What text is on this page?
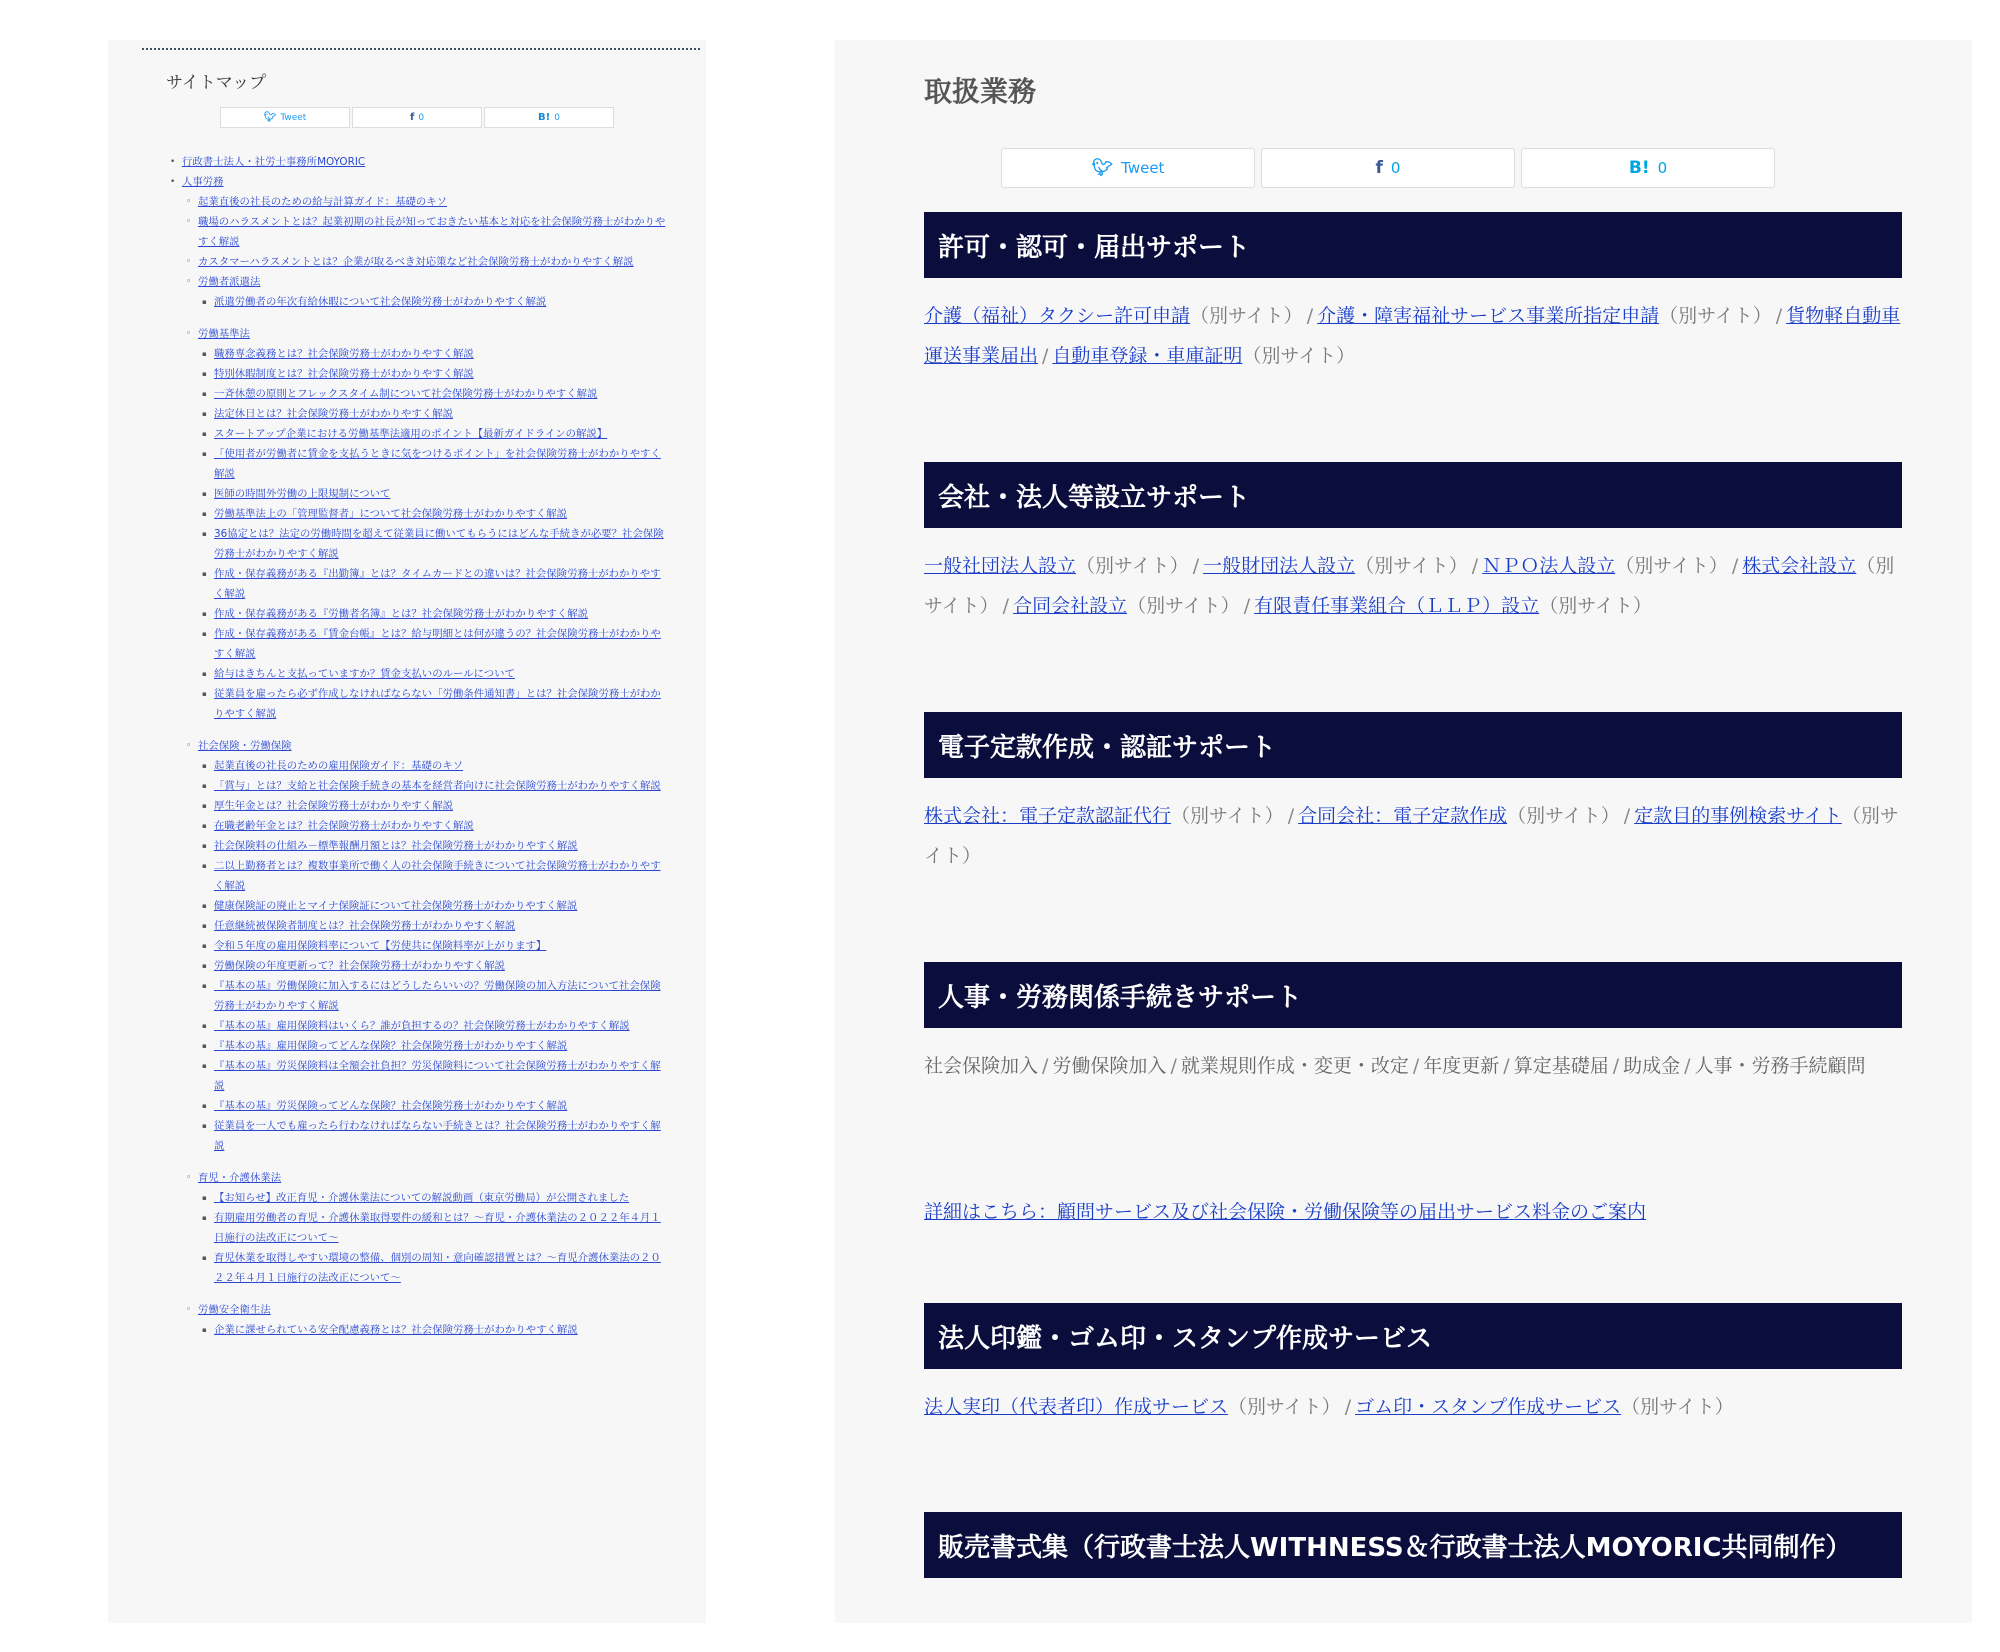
サイトマップ
🐦︎ Tweet	f 0	B! 0
• 行政書士法人・社労士事務所MOYORIC
• 人事労務
◦ 起業直後の社長のための給与計算ガイド：基礎のキソ
◦ 職場のハラスメントとは？起業初期の社長が知っておきたい基本と対応を社会保険労務士がわかりやすく解説
◦ カスタマーハラスメントとは？企業が取るべき対応策など社会保険労務士がわかりやすく解説
◦ 労働者派遣法
▪ 派遣労働者の年次有給休暇について社会保険労務士がわかりやすく解説
◦ 労働基準法
▪ 職務専念義務とは？社会保険労務士がわかりやすく解説
▪ 特別休暇制度とは？社会保険労務士がわかりやすく解説
▪ 一斉休憩の原則とフレックスタイム制について社会保険労務士がわかりやすく解説
▪ 法定休日とは？社会保険労務士がわかりやすく解説
▪ スタートアップ企業における労働基準法適用のポイント【最新ガイドラインの解説】
▪ 「使用者が労働者に賃金を支払うときに気をつけるポイント」を社会保険労務士がわかりやすく解説
▪ 医師の時間外労働の上限規制について
▪ 労働基準法上の「管理監督者」について社会保険労務士がわかりやすく解説
▪ 36協定とは？法定の労働時間を超えて従業員に働いてもらうにはどんな手続きが必要？社会保険労務士がわかりやすく解説
▪ 作成・保存義務がある『出勤簿』とは？タイムカードとの違いは？社会保険労務士がわかりやすく解説
▪ 作成・保存義務がある『労働者名簿』とは？社会保険労務士がわかりやすく解説
▪ 作成・保存義務がある『賃金台帳』とは？給与明細とは何が違うの？社会保険労務士がわかりやすく解説
▪ 給与はきちんと支払っていますか？賃金支払いのルールについて
▪ 従業員を雇ったら必ず作成しなければならない「労働条件通知書」とは？社会保険労務士がわかりやすく解説
◦ 社会保険・労働保険
▪ 起業直後の社長のための雇用保険ガイド：基礎のキソ
▪ 「賞与」とは？支給と社会保険手続きの基本を経営者向けに社会保険労務士がわかりやすく解説
▪ 厚生年金とは？社会保険労務士がわかりやすく解説
▪ 在職老齢年金とは？社会保険労務士がわかりやすく解説
▪ 社会保険料の仕組み－標準報酬月額とは？社会保険労務士がわかりやすく解説
▪ 二以上勤務者とは？複数事業所で働く人の社会保険手続きについて社会保険労務士がわかりやすく解説
▪ 健康保険証の廃止とマイナ保険証について社会保険労務士がわかりやすく解説
▪ 任意継続被保険者制度とは？社会保険労務士がわかりやすく解説
▪ 令和５年度の雇用保険料率について【労使共に保険料率が上がります】
▪ 労働保険の年度更新って？社会保険労務士がわかりやすく解説
▪ 『基本の基』労働保険に加入するにはどうしたらいいの？労働保険の加入方法について社会保険労務士がわかりやすく解説
▪ 『基本の基』雇用保険料はいくら？誰が負担するの？社会保険労務士がわかりやすく解説
▪ 『基本の基』雇用保険ってどんな保険？社会保険労務士がわかりやすく解説
▪ 『基本の基』労災保険料は全額会社負担？労災保険料について社会保険労務士がわかりやすく解説
▪ 『基本の基』労災保険ってどんな保険？社会保険労務士がわかりやすく解説
▪ 従業員を一人でも雇ったら行わなければならない手続きとは？社会保険労務士がわかりやすく解説
◦ 育児・介護休業法
▪ 【お知らせ】改正育児・介護休業法についての解説動画（東京労働局）が公開されました
▪ 有期雇用労働者の育児・介護休業取得要件の緩和とは？～育児・介護休業法の２０２２年４月１日施行の法改正について～
▪ 育児休業を取得しやすい環境の整備、個別の周知・意向確認措置とは？～育児介護休業法の２０２２年４月１日施行の法改正について～
◦ 労働安全衛生法
▪ 企業に課せられている安全配慮義務とは？社会保険労務士がわかりやすく解説
取扱業務
🐦︎ Tweet	f 0	B! 0
許可・認可・届出サポート
介護（福祉）タクシー許可申請（別サイト） / 介護・障害福祉サービス事業所指定申請（別サイト） / 貨物軽自動車運送事業届出 / 自動車登録・車庫証明（別サイト）
会社・法人等設立サポート
一般社団法人設立（別サイト） / 一般財団法人設立（別サイト） / ＮＰＯ法人設立（別サイト） / 株式会社設立（別サイト） / 合同会社設立（別サイト） / 有限責任事業組合（ＬＬＰ）設立（別サイト）
電子定款作成・認証サポート
株式会社：電子定款認証代行（別サイト） / 合同会社：電子定款作成（別サイト） / 定款目的事例検索サイト（別サイト）
人事・労務関係手続きサポート
社会保険加入 / 労働保険加入 / 就業規則作成・変更・改定 / 年度更新 / 算定基礎届 / 助成金 / 人事・労務手続顧問
詳細はこちら：顧問サービス及び社会保険・労働保険等の届出サービス料金のご案内
法人印鑑・ゴム印・スタンプ作成サービス
法人実印（代表者印）作成サービス（別サイト） / ゴム印・スタンプ作成サービス（別サイト）
販売書式集（行政書士法人WITHNESS＆行政書士法人MOYORIC共同制作）
